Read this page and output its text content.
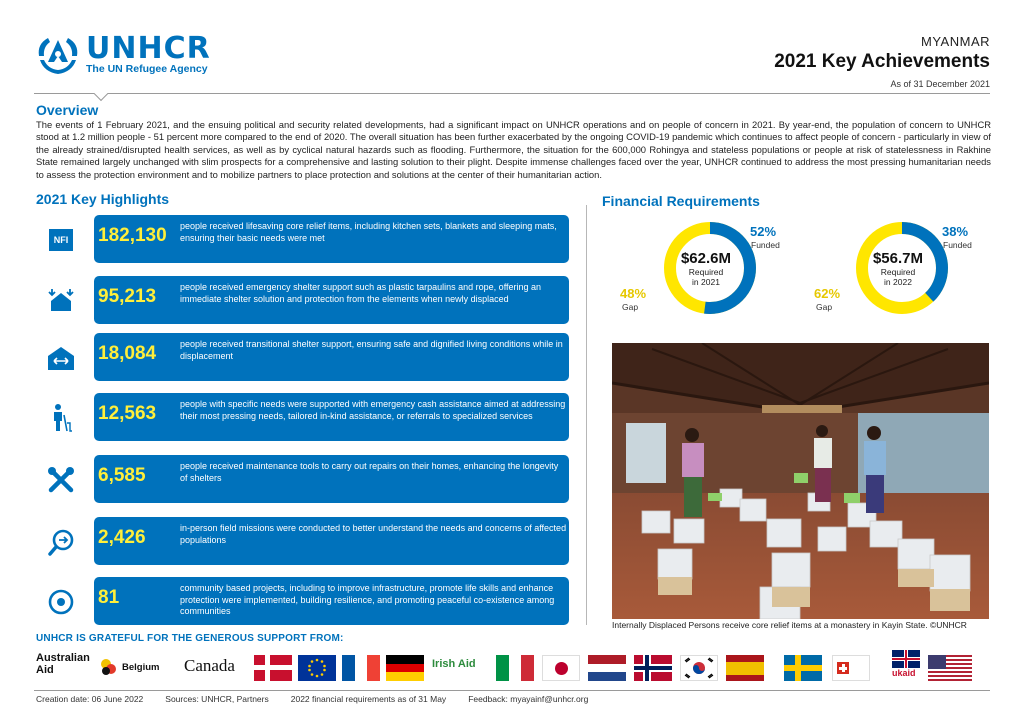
UNHCR
The UN Refugee Agency
MYANMAR
2021 Key Achievements
As of 31 December 2021
Overview
The events of 1 February 2021, and the ensuing political and security related developments, had a significant impact on UNHCR operations and on people of concern in 2021. By year-end, the population of concern to UNHCR stood at 1.2 million people - 51 percent more compared to the end of 2020. The overall situation has been further exacerbated by the ongoing COVID-19 pandemic which continues to affect people of concern - particularly in view of the already strained/disrupted health services, as well as by cyclical natural hazards such as flooding. Furthermore, the situation for the 600,000 Rohingya and stateless populations or people at risk of statelessness in Rakhine State remained largely unchanged with slim prospects for a comprehensive and lasting solution to their plight. Despite immense challenges faced over the year, UNHCR continued to address the most pressing humanitarian needs to assess the protection environment and to mobilize partners to place protection and solutions at the center of their humanitarian action.
2021 Key Highlights
NFI 182,130 people received lifesaving core relief items, including kitchen sets, blankets and sleeping mats, ensuring their basic needs were met
95,213	people received emergency shelter support such as plastic tarpaulins and rope, offering an immediate shelter solution and protection from the elements when newly displaced
18,084	people received transitional shelter support, ensuring safe and dignified living conditions while in displacement
12,563	people with specific needs were supported with emergency cash assistance aimed at addressing their most pressing needs, tailored in-kind assistance, or referrals to specialized services
6,585	people received maintenance tools to carry out repairs on their homes, enhancing the longevity of shelters
2,426	in-person field missions were conducted to better understand the needs and concerns of affected populations
81	community based projects, including to improve infrastructure, promote life skills and enhance protection were implemented, building resilience, and promoting peaceful co-existence among communities
Financial Requirements
$62.6M
Required
in 2021
52%
Funded
48%
Gap
$56.7M
Required
in 2022
38%
Funded
62%
Gap
Internally Displaced Persons receive core relief items at a monastery in Kayin State. ©UNHCR
UNHCR IS GRATEFUL FOR THE GENEROUS SUPPORT FROM:
Australian Aid	Belgium Canada	Irish Aid
ukaid
Creation date: 06 June 2022	Sources: UNHCR, Partners	2022 financial requirements as of 31 May	Feedback: myayainf@unhcr.org
